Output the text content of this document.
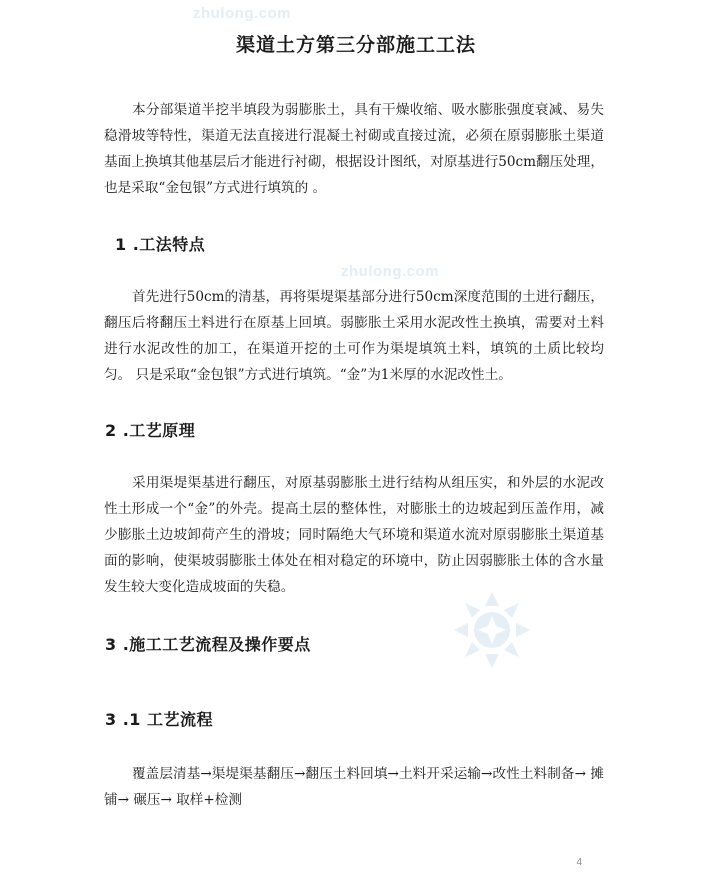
zhulong.com
zhulong.com
渠道土方第三分部施工工法

本分部渠道半挖半填段为弱膨胀土，具有干燥收缩、吸水膨胀强度衰减、易失稳滑坡等特性，渠道无法直接进行混凝土衬砌或直接过流，必须在原弱膨胀土渠道基面上换填其他基层后才能进行衬砌，根据设计图纸，对原基进行50cm翻压处理，也是采取“金包银”方式进行填筑的 。

1 .工法特点

首先进行50cm的清基，再将渠堤渠基部分进行50cm深度范围的土进行翻压，翻压后将翻压土料进行在原基上回填。弱膨胀土采用水泥改性土换填，需要对土料进行水泥改性的加工，在渠道开挖的土可作为渠堤填筑土料，填筑的土质比较均匀。 只是采取“金包银”方式进行填筑。“金”为1米厚的水泥改性土。

2 .工艺原理

采用渠堤渠基进行翻压，对原基弱膨胀土进行结构从组压实，和外层的水泥改性土形成一个“金”的外壳。提高土层的整体性，对膨胀土的边坡起到压盖作用，减少膨胀土边坡卸荷产生的滑坡；同时隔绝大气环境和渠道水流对原弱膨胀土渠道基面的影响，使渠坡弱膨胀土体处在相对稳定的环境中，防止因弱膨胀土体的含水量发生较大变化造成坡面的失稳。

3 .施工工艺流程及操作要点
3 .1 工艺流程

覆盖层清基→渠堤渠基翻压→翻压土料回填→土料开采运输→改性土料制备→ 摊铺→ 碾压→ 取样+检测

4
